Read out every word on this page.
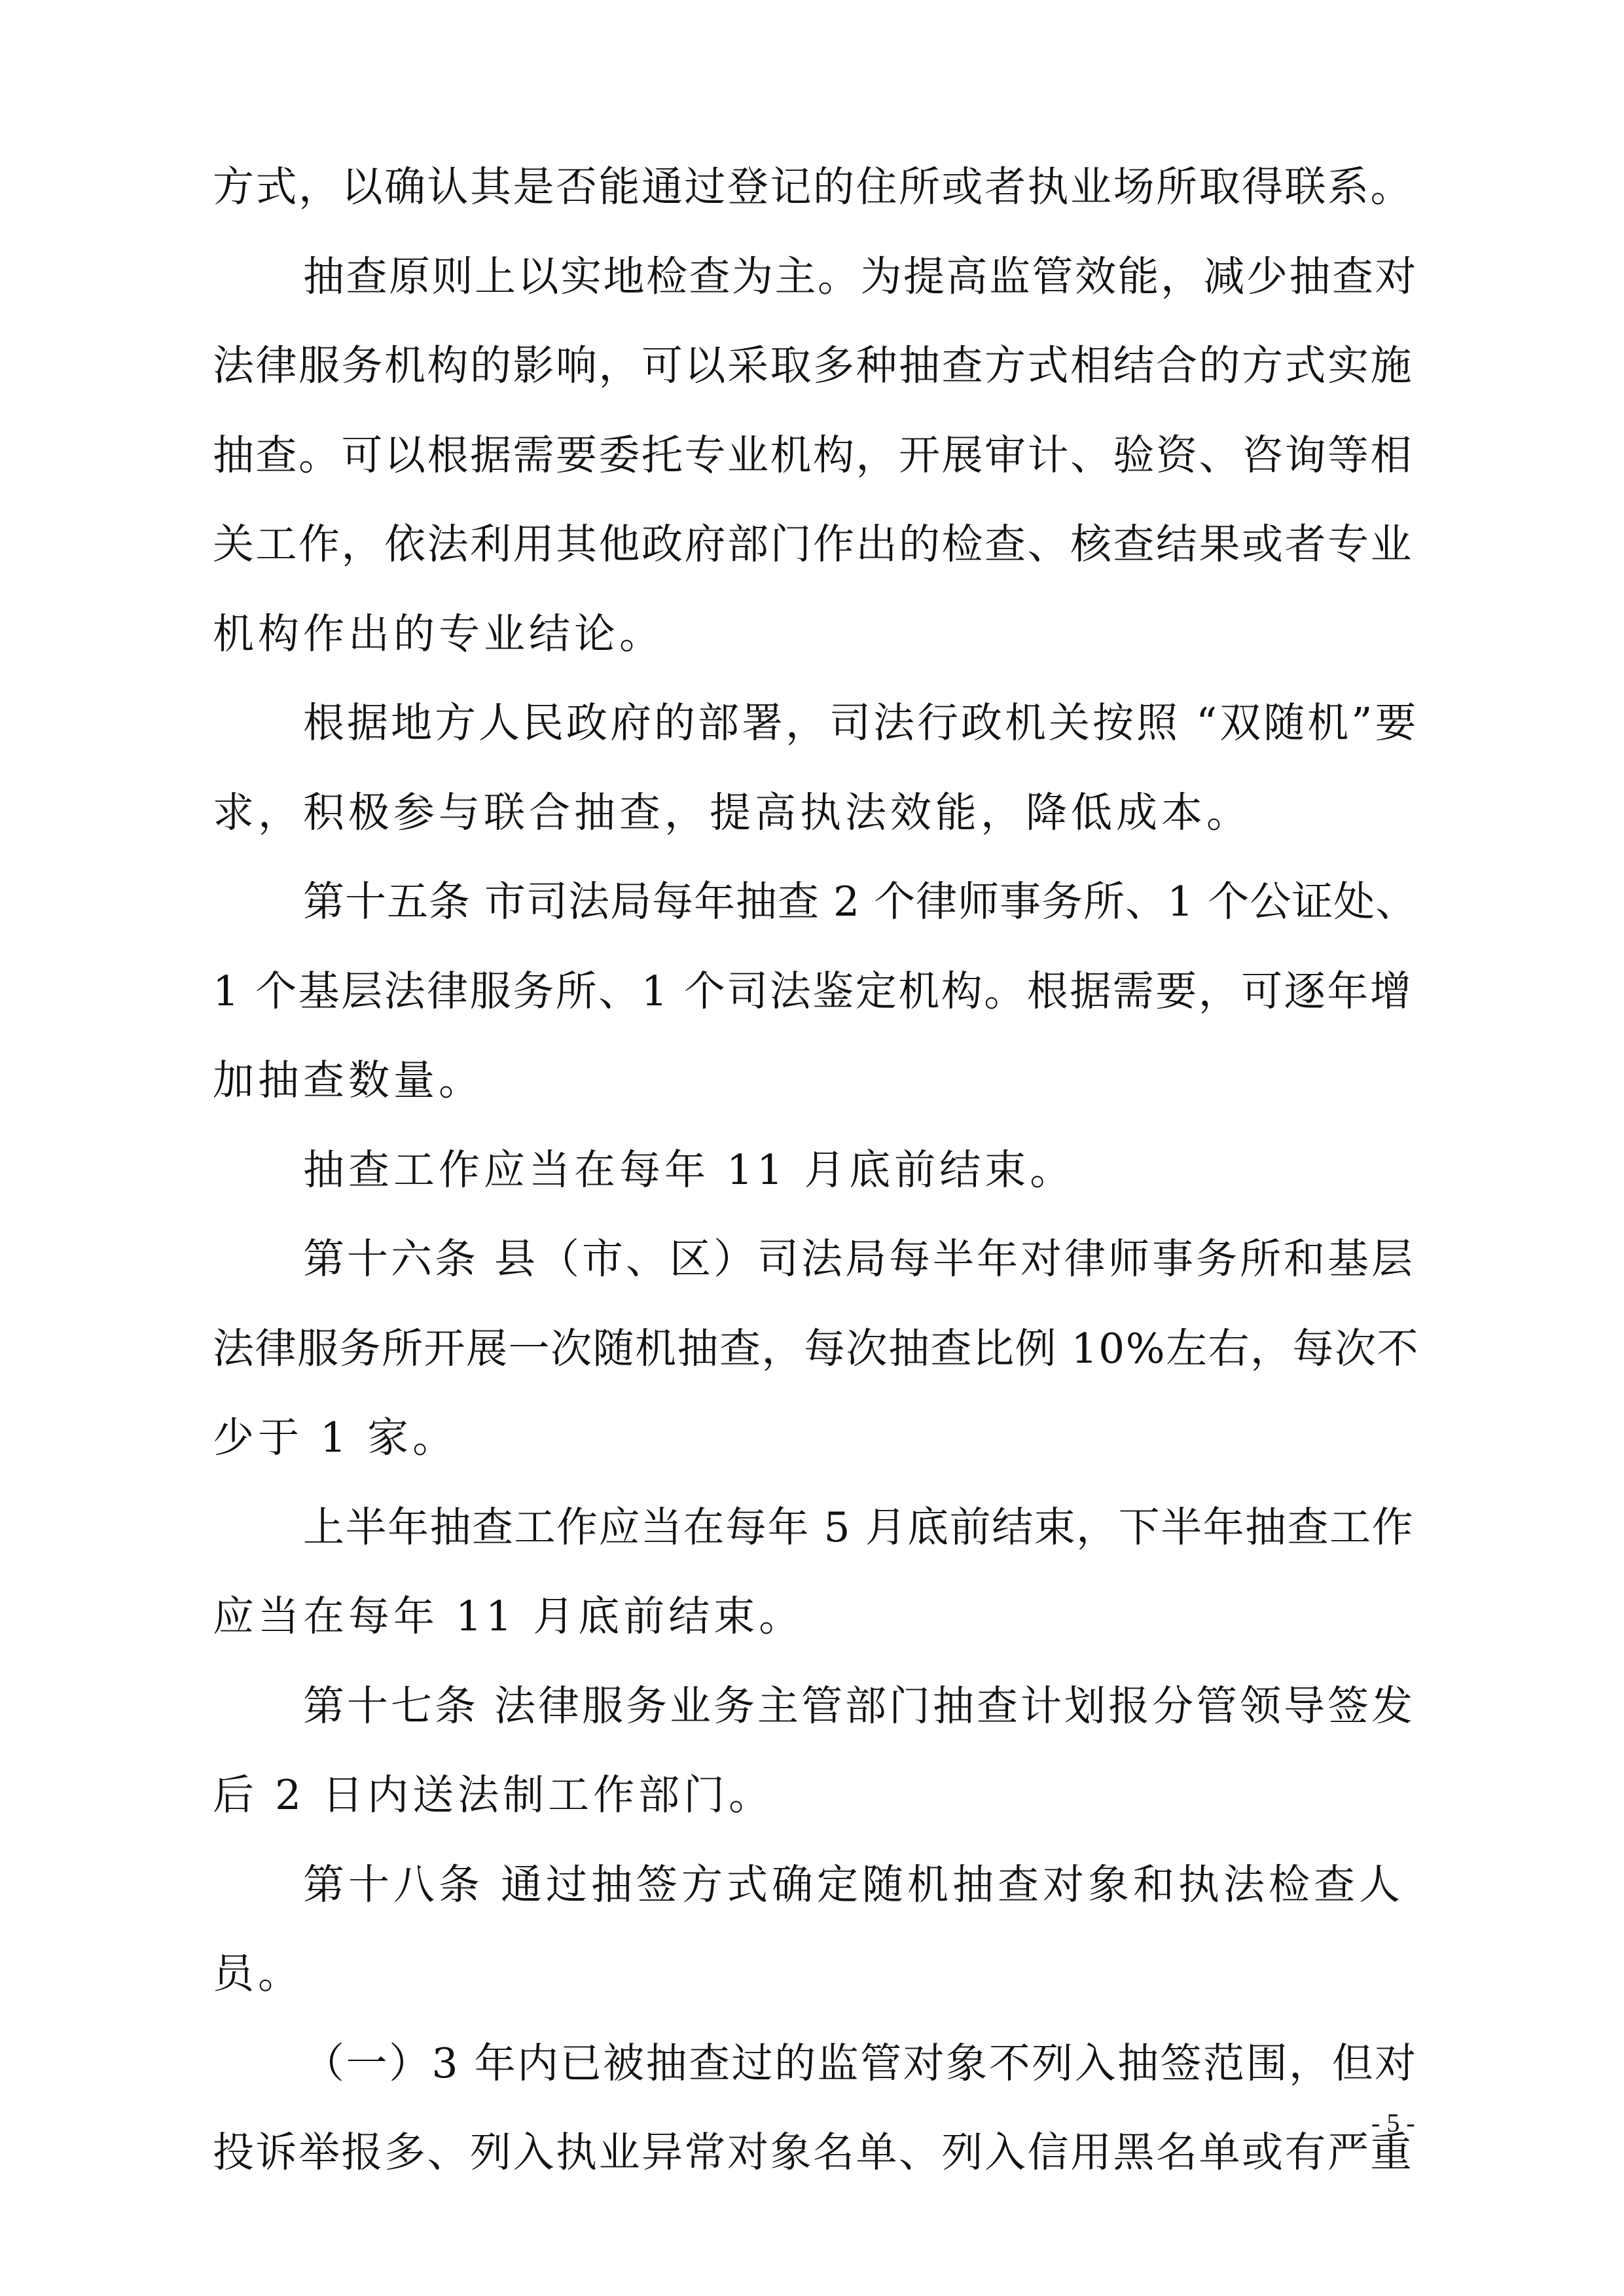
方式，以确认其是否能通过登记的住所或者执业场所取得联系。
抽查原则上以实地检查为主。为提高监管效能，减少抽查对
法律服务机构的影响，可以采取多种抽查方式相结合的方式实施
抽查。可以根据需要委托专业机构，开展审计、验资、咨询等相
关工作，依法利用其他政府部门作出的检查、核查结果或者专业
机构作出的专业结论。
根据地方人民政府的部署，司法行政机关按照 “双随机”要
求，积极参与联合抽查，提高执法效能，降低成本。
第十五条 市司法局每年抽查 2 个律师事务所、1 个公证处、
1 个基层法律服务所、1 个司法鉴定机构。根据需要，可逐年增
加抽查数量。
抽查工作应当在每年 11 月底前结束。
第十六条 县（市、区）司法局每半年对律师事务所和基层
法律服务所开展一次随机抽查，每次抽查比例 10%左右，每次不
少于 1 家。
上半年抽查工作应当在每年 5 月底前结束，下半年抽查工作
应当在每年 11 月底前结束。
第十七条 法律服务业务主管部门抽查计划报分管领导签发
后 2 日内送法制工作部门。
第十八条 通过抽签方式确定随机抽查对象和执法检查人
员。
（一）3 年内已被抽查过的监管对象不列入抽签范围，但对
投诉举报多、列入执业异常对象名单、列入信用黑名单或有严重
- 5 -
